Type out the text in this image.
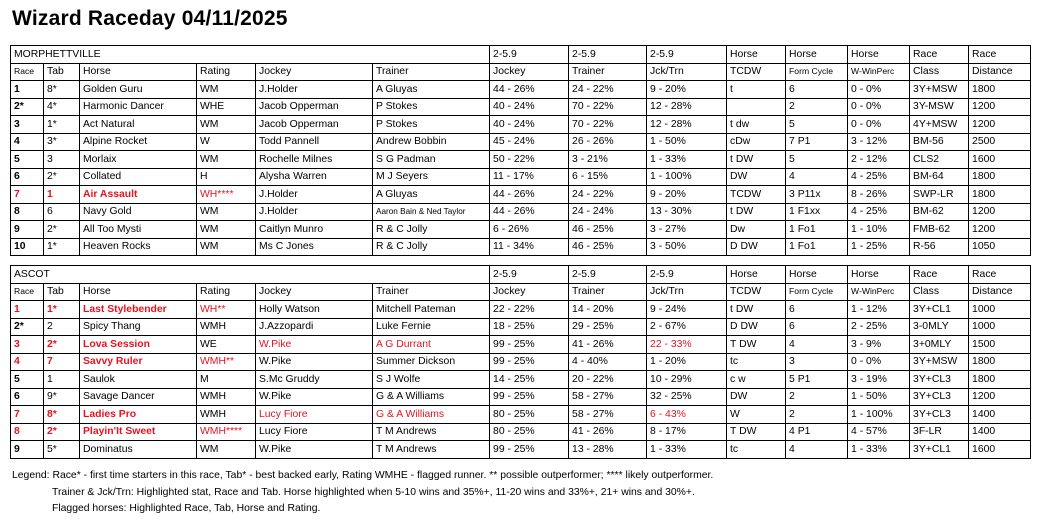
Wizard Raceday 04/11/2025
MORPHETTVILLE						2-5.9	2-5.9	2-5.9	Horse	Horse	Horse	Race	Race
Race	Tab	Horse	Rating	Jockey	Trainer	Jockey	Trainer	Jck/Trn	TCDW	Form Cycle	W-WinPerc	Class	Distance
1	8*	Golden Guru	WM	J.Holder	A Gluyas	44 - 26%	24 - 22%	9 - 20%	t	6	0 - 0%	3Y+MSW	1800
2*	4*	Harmonic Dancer	WHE	Jacob Opperman	P Stokes	40 - 24%	70 - 22%	12 - 28%		2	0 - 0%	3Y-MSW	1200
3	1*	Act Natural	WM	Jacob Opperman	P Stokes	40 - 24%	70 - 22%	12 - 28%	t dw	5	0 - 0%	4Y+MSW	1200
4	3*	Alpine Rocket	W	Todd Pannell	Andrew Bobbin	45 - 24%	26 - 26%	1 - 50%	cDw	7 P1	3 - 12%	BM-56	2500
5	3	Morlaix	WM	Rochelle Milnes	S G Padman	50 - 22%	3 - 21%	1 - 33%	t DW	5	2 - 12%	CLS2	1600
6	2*	Collated	H	Alysha Warren	M J Seyers	11 - 17%	6 - 15%	1 - 100%	DW	4	4 - 25%	BM-64	1800
7	1	Air Assault	WH****	J.Holder	A Gluyas	44 - 26%	24 - 22%	9 - 20%	TCDW	3 P11x	8 - 26%	SWP-LR	1800
8	6	Navy Gold	WM	J.Holder	Aaron Bain & Ned Taylor	44 - 26%	24 - 24%	13 - 30%	t DW	1 F1xx	4 - 25%	BM-62	1200
9	2*	All Too Mysti	WM	Caitlyn Munro	R & C Jolly	6 - 26%	46 - 25%	3 - 27%	Dw	1 Fo1	1 - 10%	FMB-62	1200
10	1*	Heaven Rocks	WM	Ms C Jones	R & C Jolly	11 - 34%	46 - 25%	3 - 50%	D DW	1 Fo1	1 - 25%	R-56	1050
ASCOT						2-5.9	2-5.9	2-5.9	Horse	Horse	Horse	Race	Race
Race	Tab	Horse	Rating	Jockey	Trainer	Jockey	Trainer	Jck/Trn	TCDW	Form Cycle	W-WinPerc	Class	Distance
1	1*	Last Stylebender	WH**	Holly Watson	Mitchell Pateman	22 - 22%	14 - 20%	9 - 24%	t DW	6	1 - 12%	3Y+CL1	1000
2*	2	Spicy Thang	WMH	J.Azzopardi	Luke Fernie	18 - 25%	29 - 25%	2 - 67%	D DW	6	2 - 25%	3-0MLY	1000
3	2*	Lova Session	WE	W.Pike	A G Durrant	99 - 25%	41 - 26%	22 - 33%	T DW	4	3 - 9%	3+0MLY	1500
4	7	Savvy Ruler	WMH**	W.Pike	Summer Dickson	99 - 25%	4 - 40%	1 - 20%	tc	3	0 - 0%	3Y+MSW	1800
5	1	Saulok	M	S.Mc Gruddy	S J Wolfe	14 - 25%	20 - 22%	10 - 29%	c w	5 P1	3 - 19%	3Y+CL3	1800
6	9*	Savage Dancer	WMH	W.Pike	G & A Williams	99 - 25%	58 - 27%	32 - 25%	DW	2	1 - 50%	3Y+CL3	1200
7	8*	Ladies Pro	WMH	Lucy Fiore	G & A Williams	80 - 25%	58 - 27%	6 - 43%	W	2	1 - 100%	3Y+CL3	1400
8	2*	Playin'It Sweet	WMH****	Lucy Fiore	T M Andrews	80 - 25%	41 - 26%	8 - 17%	T DW	4 P1	4 - 57%	3F-LR	1400
9	5*	Dominatus	WM	W.Pike	T M Andrews	99 - 25%	13 - 28%	1 - 33%	tc	4	1 - 33%	3Y+CL1	1600
Legend: Race* - first time starters in this race, Tab* - best backed early, Rating WMHE - flagged runner. ** possible outperformer; **** likely outperformer.
Trainer & Jck/Trn: Highlighted stat, Race and Tab. Horse highlighted when 5-10 wins and 35%+, 11-20 wins and 33%+, 21+ wins and 30%+.
Flagged horses: Highlighted Race, Tab, Horse and Rating.
